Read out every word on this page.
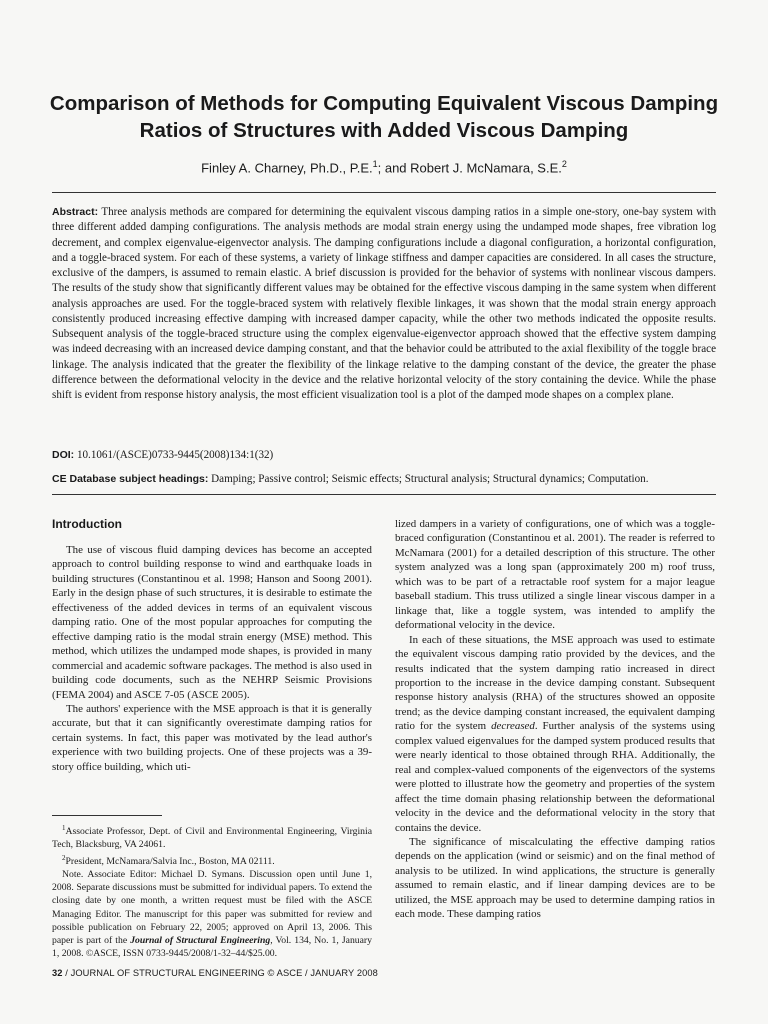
Comparison of Methods for Computing Equivalent Viscous Damping Ratios of Structures with Added Viscous Damping
Finley A. Charney, Ph.D., P.E.$^1$; and Robert J. McNamara, S.E.$^2$

Abstract: Three analysis methods are compared for determining the equivalent viscous damping ratios in a simple one-story, one-bay system with three different added damping configurations. The analysis methods are modal strain energy using the undamped mode shapes, free vibration log decrement, and complex eigenvalue-eigenvector analysis. The damping configurations include a diagonal configuration, a horizontal configuration, and a toggle-braced system. For each of these systems, a variety of linkage stiffness and damper capacities are considered. In all cases the structure, exclusive of the dampers, is assumed to remain elastic. A brief discussion is provided for the behavior of systems with nonlinear viscous dampers. The results of the study show that significantly different values may be obtained for the effective viscous damping in the same system when different analysis approaches are used. For the toggle-braced system with relatively flexible linkages, it was shown that the modal strain energy approach consistently produced increasing effective damping with increased damper capacity, while the other two methods indicated the opposite results. Subsequent analysis of the toggle-braced structure using the complex eigenvalue-eigenvector approach showed that the effective system damping was indeed decreasing with an increased device damping constant, and that the behavior could be attributed to the axial flexibility of the toggle brace linkage. The analysis indicated that the greater the flexibility of the linkage relative to the damping constant of the device, the greater the phase difference between the deformational velocity in the device and the relative horizontal velocity of the story containing the device. While the phase shift is evident from response history analysis, the most efficient visualization tool is a plot of the damped mode shapes on a complex plane.

DOI: 10.1061/(ASCE)0733-9445(2008)134:1(32)

CE Database subject headings: Damping; Passive control; Seismic effects; Structural analysis; Structural dynamics; Computation.

Introduction

The use of viscous fluid damping devices has become an accepted approach to control building response to wind and earthquake loads in building structures (Constantinou et al. 1998; Hanson and Soong 2001). Early in the design phase of such structures, it is desirable to estimate the effectiveness of the added devices in terms of an equivalent viscous damping ratio. One of the most popular approaches for computing the effective damping ratio is the modal strain energy (MSE) method. This method, which utilizes the undamped mode shapes, is provided in many commercial and academic software packages. The method is also used in building code documents, such as the NEHRP Seismic Provisions (FEMA 2004) and ASCE 7-05 (ASCE 2005).

The authors' experience with the MSE approach is that it is generally accurate, but that it can significantly overestimate damping ratios for certain systems. In fact, this paper was motivated by the lead author's experience with two building projects. One of these projects was a 39-story office building, which uti-

$^1$Associate Professor, Dept. of Civil and Environmental Engineering, Virginia Tech, Blacksburg, VA 24061.

$^2$President, McNamara/Salvia Inc., Boston, MA 02111.

Note. Associate Editor: Michael D. Symans. Discussion open until June 1, 2008. Separate discussions must be submitted for individual papers. To extend the closing date by one month, a written request must be filed with the ASCE Managing Editor. The manuscript for this paper was submitted for review and possible publication on February 22, 2005; approved on April 13, 2006. This paper is part of the Journal of Structural Engineering, Vol. 134, No. 1, January 1, 2008. ©ASCE, ISSN 0733-9445/2008/1-32–44/$25.00.

lized dampers in a variety of configurations, one of which was a toggle-braced configuration (Constantinou et al. 2001). The reader is referred to McNamara (2001) for a detailed description of this structure. The other system analyzed was a long span (approximately 200 m) roof truss, which was to be part of a retractable roof system for a major league baseball stadium. This truss utilized a single linear viscous damper in a linkage that, like a toggle system, was intended to amplify the deformational velocity in the device.

In each of these situations, the MSE approach was used to estimate the equivalent viscous damping ratio provided by the devices, and the results indicated that the system damping ratio increased in direct proportion to the increase in the device damping constant. Subsequent response history analysis (RHA) of the structures showed an opposite trend; as the device damping constant increased, the equivalent damping ratio for the system decreased. Further analysis of the systems using complex valued eigenvalues for the damped system produced results that were nearly identical to those obtained through RHA. Additionally, the real and complex-valued components of the eigenvectors of the systems were plotted to illustrate how the geometry and properties of the system affect the time domain phasing relationship between the deformational velocity in the device and the deformational velocity in the story that contains the device.

The significance of miscalculating the effective damping ratios depends on the application (wind or seismic) and on the final method of analysis to be utilized. In wind applications, the structure is generally assumed to remain elastic, and if linear damping devices are to be utilized, the MSE approach may be used to determine damping ratios in each mode. These damping ratios

32 / JOURNAL OF STRUCTURAL ENGINEERING © ASCE / JANUARY 2008
